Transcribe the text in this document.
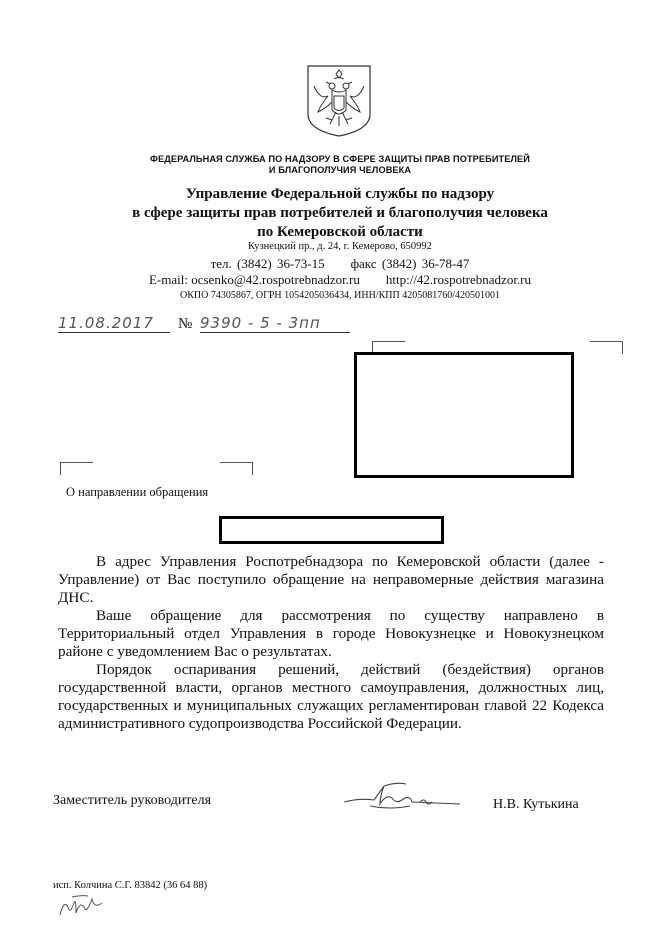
ФЕДЕРАЛЬНАЯ СЛУЖБА ПО НАДЗОРУ В СФЕРЕ ЗАЩИТЫ ПРАВ ПОТРЕБИТЕЛЕЙ
И БЛАГОПОЛУЧИЯ ЧЕЛОВЕКА
Управление Федеральной службы по надзору
в сфере защиты прав потребителей и благополучия человека
по Кемеровской области
Кузнецкий пр., д. 24, г. Кемерово, 650992
тел. (3842) 36-73-15 факс (3842) 36-78-47
E-mail: ocsenko@42.rospotrebnadzor.ru http://42.rospotrebnadzor.ru
ОКПО 74305867, ОГРН 1054205036434, ИНН/КПП 4205081760/420501001
11.08.2017	№ 9390 - 5 - 3пп
О направлении обращения

В адрес Управления Роспотребнадзора по Кемеровской области (далее - Управление) от Вас поступило обращение на неправомерные действия магазина ДНС.

Ваше обращение для рассмотрения по существу направлено в Территориальный отдел Управления в городе Новокузнецке и Новокузнецком районе с уведомлением Вас о результатах.

Порядок оспаривания решений, действий (бездействия) органов государственной власти, органов местного самоуправления, должностных лиц, государственных и муниципальных служащих регламентирован главой 22 Кодекса административного судопроизводства Российской Федерации.

Заместитель руководителя	Н.В. Кутькина
исп. Колчина С.Г. 83842 (36 64 88)
